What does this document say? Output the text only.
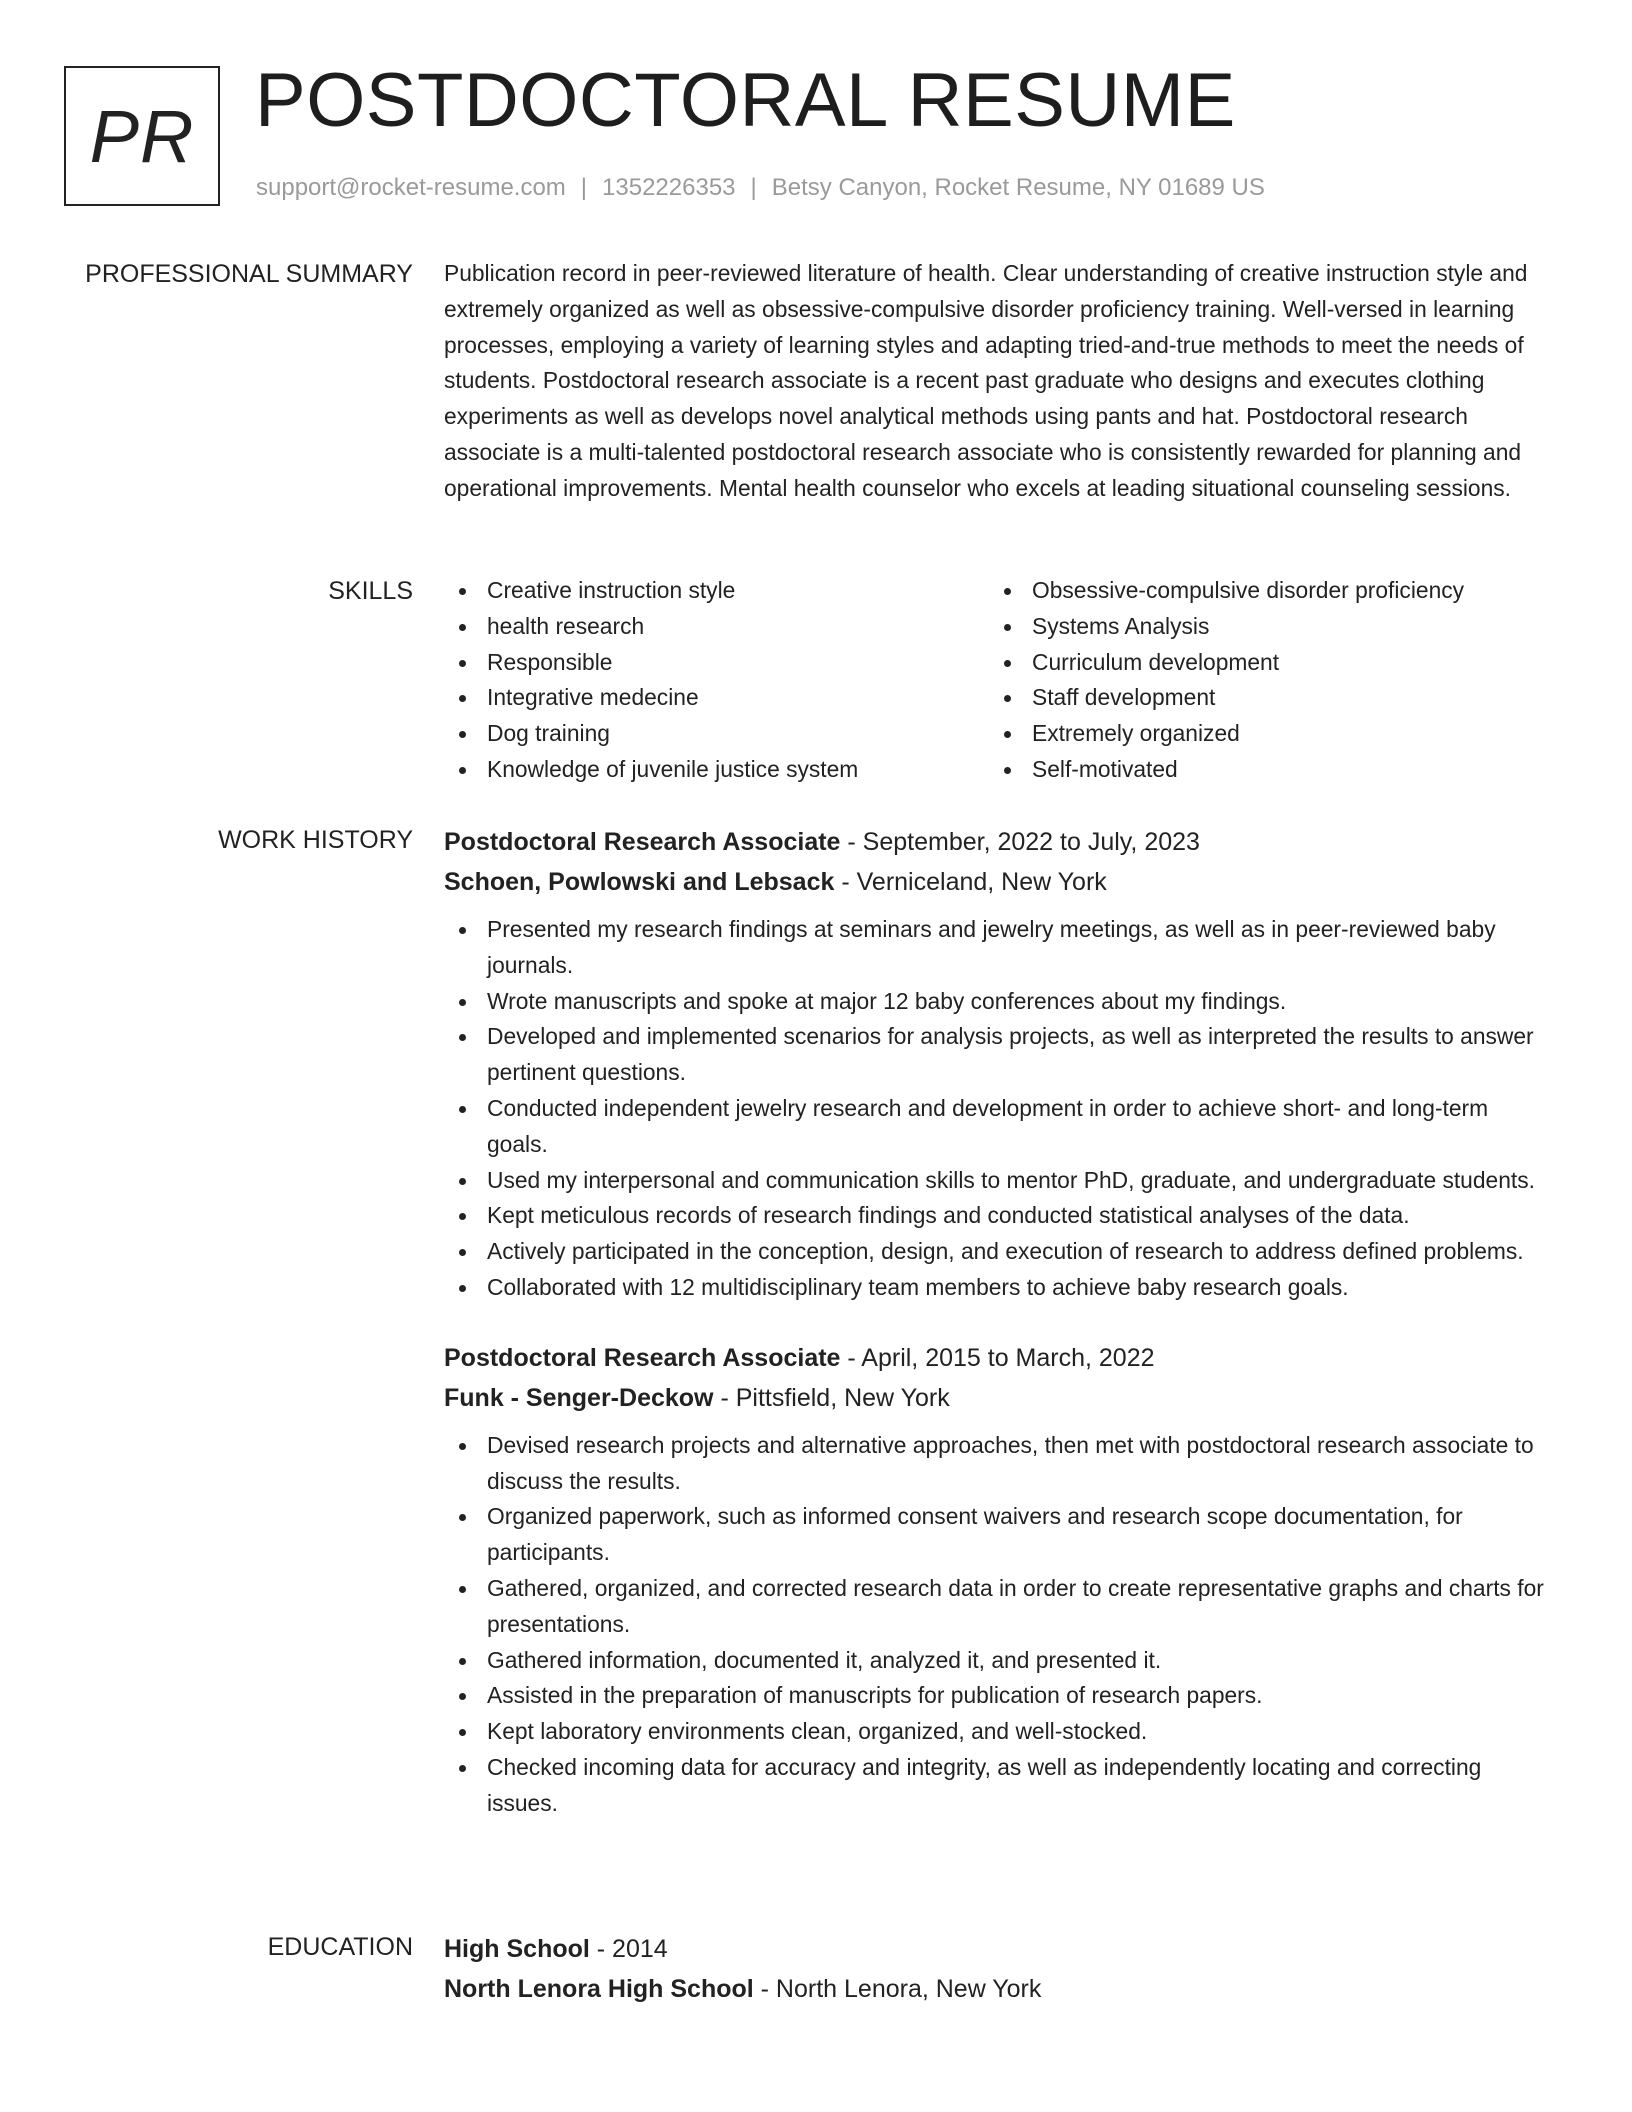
PR POSTDOCTORAL RESUME
support@rocket-resume.com | 1352226353 | Betsy Canyon, Rocket Resume, NY 01689 US
PROFESSIONAL SUMMARY Publication record in peer-reviewed literature of health. Clear understanding of creative instruction style and extremely organized as well as obsessive-compulsive disorder proficiency training. Well-versed in learning processes, employing a variety of learning styles and adapting tried-and-true methods to meet the needs of students. Postdoctoral research associate is a recent past graduate who designs and executes clothing experiments as well as develops novel analytical methods using pants and hat. Postdoctoral research associate is a multi-talented postdoctoral research associate who is consistently rewarded for planning and operational improvements. Mental health counselor who excels at leading situational counseling sessions.

SKILLS	Creative instruction style
health research
Responsible
Integrative medecine
Dog training
Knowledge of juvenile justice system
Obsessive-compulsive disorder proficiency
Systems Analysis
Curriculum development
Staff development
Extremely organized
Self-motivated
WORK HISTORY Postdoctoral Research Associate - September, 2022 to July, 2023
Schoen, Powlowski and Lebsack - Verniceland, New York
Presented my research findings at seminars and jewelry meetings, as well as in peer-reviewed baby journals.
Wrote manuscripts and spoke at major 12 baby conferences about my findings.
Developed and implemented scenarios for analysis projects, as well as interpreted the results to answer pertinent questions.
Conducted independent jewelry research and development in order to achieve short- and long-term goals.
Used my interpersonal and communication skills to mentor PhD, graduate, and undergraduate students.
Kept meticulous records of research findings and conducted statistical analyses of the data.
Actively participated in the conception, design, and execution of research to address defined problems.
Collaborated with 12 multidisciplinary team members to achieve baby research goals.
Postdoctoral Research Associate - April, 2015 to March, 2022
Funk - Senger-Deckow - Pittsfield, New York
Devised research projects and alternative approaches, then met with postdoctoral research associate to discuss the results.
Organized paperwork, such as informed consent waivers and research scope documentation, for participants.
Gathered, organized, and corrected research data in order to create representative graphs and charts for presentations.
Gathered information, documented it, analyzed it, and presented it.
Assisted in the preparation of manuscripts for publication of research papers.
Kept laboratory environments clean, organized, and well-stocked.
Checked incoming data for accuracy and integrity, as well as independently locating and correcting issues.
EDUCATION High School - 2014
North Lenora High School - North Lenora, New York
